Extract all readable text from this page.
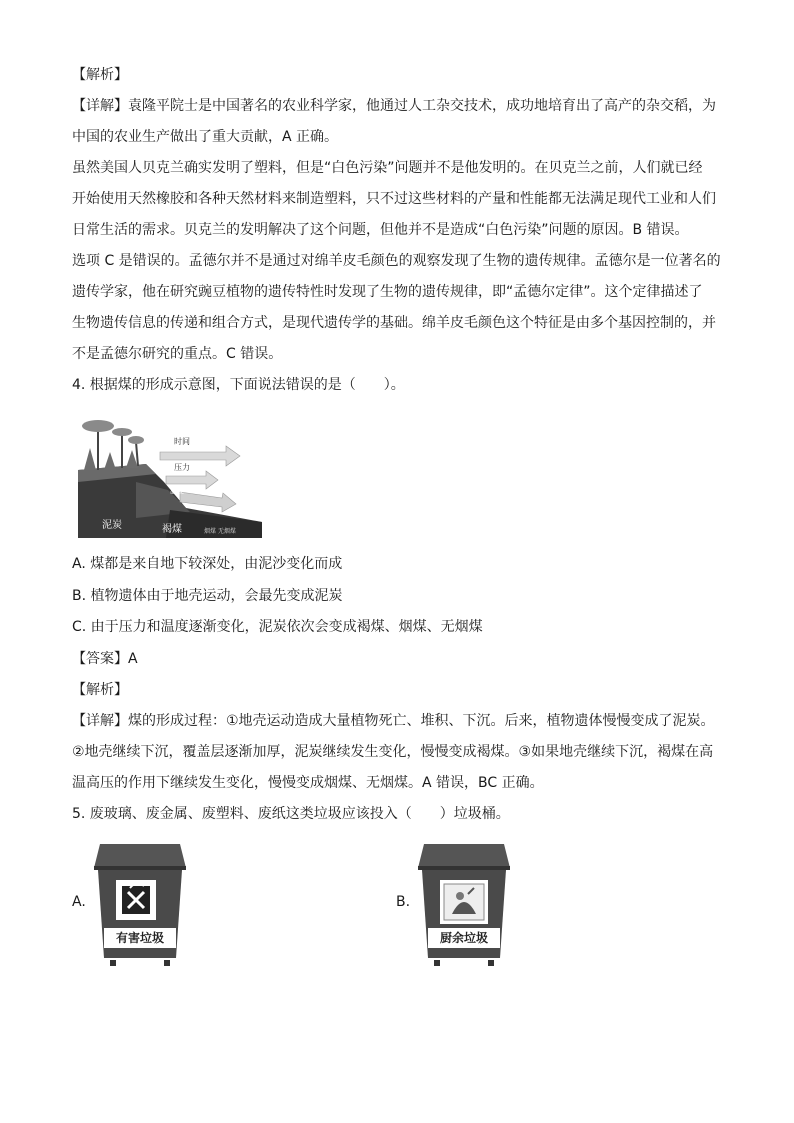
【解析】
【详解】袁隆平院士是中国著名的农业科学家，他通过人工杂交技术，成功地培育出了高产的杂交稻，为
中国的农业生产做出了重大贡献，A 正确。
虽然美国人贝克兰确实发明了塑料，但是“白色污染”问题并不是他发明的。在贝克兰之前，人们就已经
开始使用天然橡胶和各种天然材料来制造塑料，只不过这些材料的产量和性能都无法满足现代工业和人们
日常生活的需求。贝克兰的发明解决了这个问题，但他并不是造成“白色污染”问题的原因。B 错误。
选项 C 是错误的。孟德尔并不是通过对绵羊皮毛颜色的观察发现了生物的遗传规律。孟德尔是一位著名的
遗传学家，他在研究豌豆植物的遗传特性时发现了生物的遗传规律，即“孟德尔定律”。这个定律描述了
生物遗传信息的传递和组合方式，是现代遗传学的基础。绵羊皮毛颜色这个特征是由多个基因控制的，并
不是孟德尔研究的重点。C 错误。
4. 根据煤的形成示意图，下面说法错误的是（　　）。
时间
压力
温度
泥炭	褐煤	烟煤 无烟煤
A. 煤都是来自地下较深处，由泥沙变化而成
B. 植物遗体由于地壳运动，会最先变成泥炭
C. 由于压力和温度逐渐变化，泥炭依次会变成褐煤、烟煤、无烟煤
【答案】A
【解析】
【详解】煤的形成过程：①地壳运动造成大量植物死亡、堆积、下沉。后来，植物遗体慢慢变成了泥炭。
②地壳继续下沉，覆盖层逐渐加厚，泥炭继续发生变化，慢慢变成褐煤。③如果地壳继续下沉，褐煤在高
温高压的作用下继续发生变化，慢慢变成烟煤、无烟煤。A 错误，BC 正确。
5. 废玻璃、废金属、废塑料、废纸这类垃圾应该投入（　　）垃圾桶。
A.
有害垃圾
B.
厨余垃圾
